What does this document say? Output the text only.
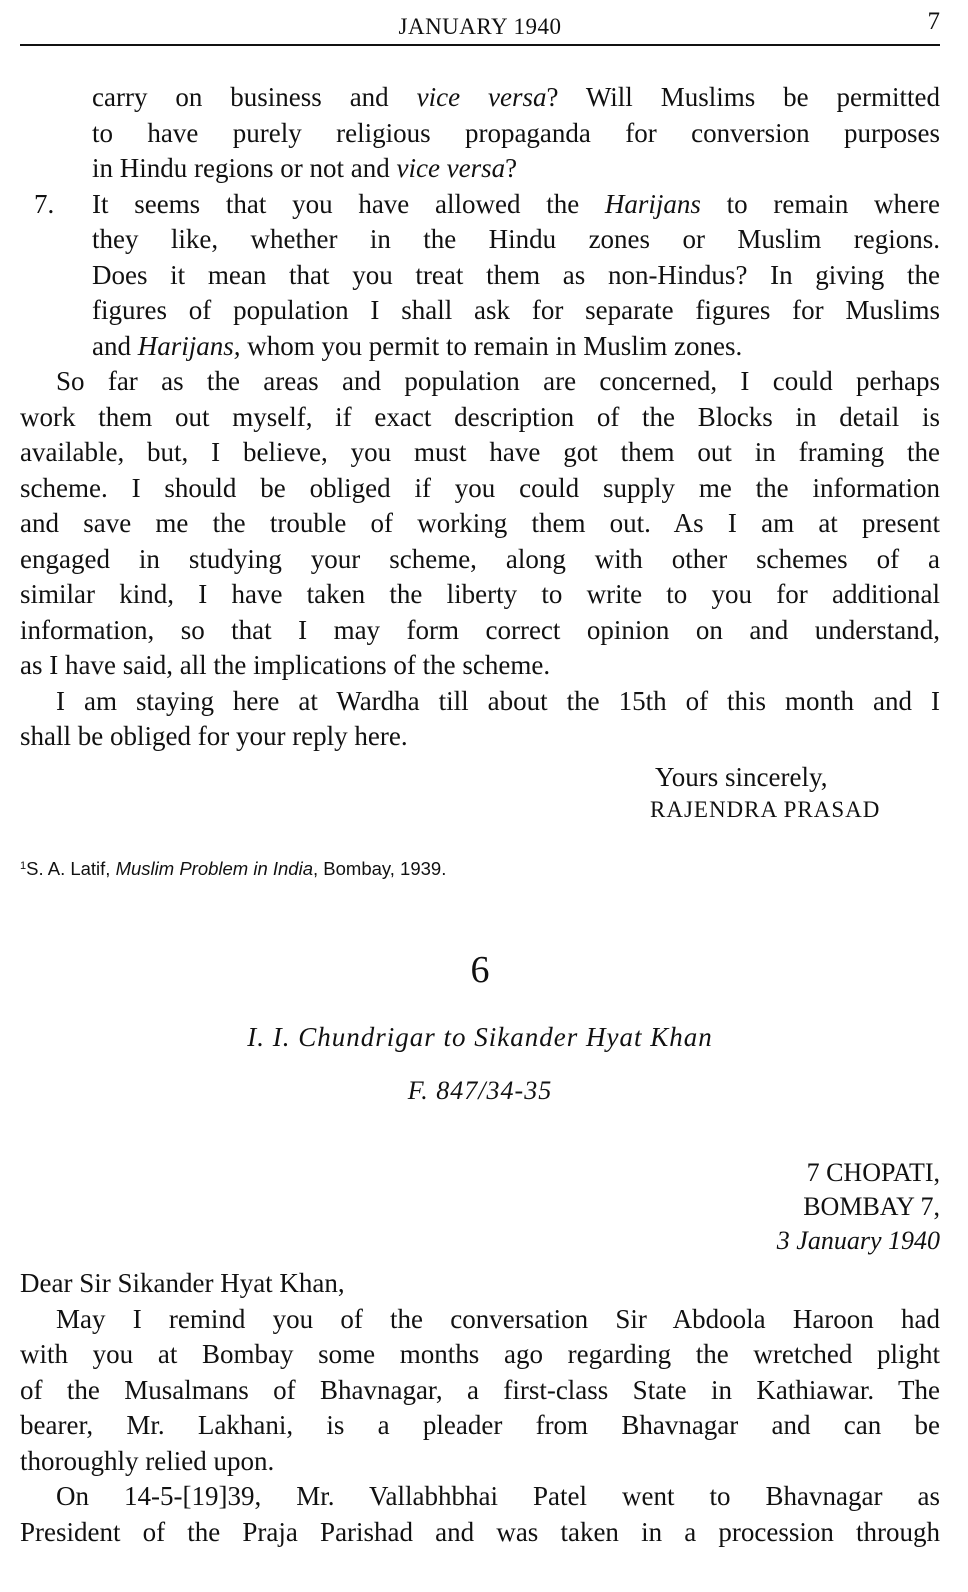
JANUARY 1940	7
carry on business and vice versa? Will Muslims be permitted
to have purely religious propaganda for conversion purposes
in Hindu regions or not and vice versa?
7. It seems that you have allowed the Harijans to remain where
they like, whether in the Hindu zones or Muslim regions.
Does it mean that you treat them as non-Hindus? In giving the
figures of population I shall ask for separate figures for Muslims
and Harijans, whom you permit to remain in Muslim zones.
So far as the areas and population are concerned, I could perhaps
work them out myself, if exact description of the Blocks in detail is
available, but, I believe, you must have got them out in framing the
scheme. I should be obliged if you could supply me the information
and save me the trouble of working them out. As I am at present
engaged in studying your scheme, along with other schemes of a
similar kind, I have taken the liberty to write to you for additional
information, so that I may form correct opinion on and understand,
as I have said, all the implications of the scheme.
I am staying here at Wardha till about the 15th of this month and I
shall be obliged for your reply here.
Yours sincerely,
RAJENDRA PRASAD
$^1$S. A. Latif, Muslim Problem in India, Bombay, 1939.
6
I. I. Chundrigar to Sikander Hyat Khan
F. 847/34-35
7 CHOPATI,
BOMBAY 7,
3 January 1940
Dear Sir Sikander Hyat Khan,
May I remind you of the conversation Sir Abdoola Haroon had
with you at Bombay some months ago regarding the wretched plight
of the Musalmans of Bhavnagar, a first-class State in Kathiawar. The
bearer, Mr. Lakhani, is a pleader from Bhavnagar and can be
thoroughly relied upon.
On 14-5-[19]39, Mr. Vallabhbhai Patel went to Bhavnagar as
President of the Praja Parishad and was taken in a procession through
